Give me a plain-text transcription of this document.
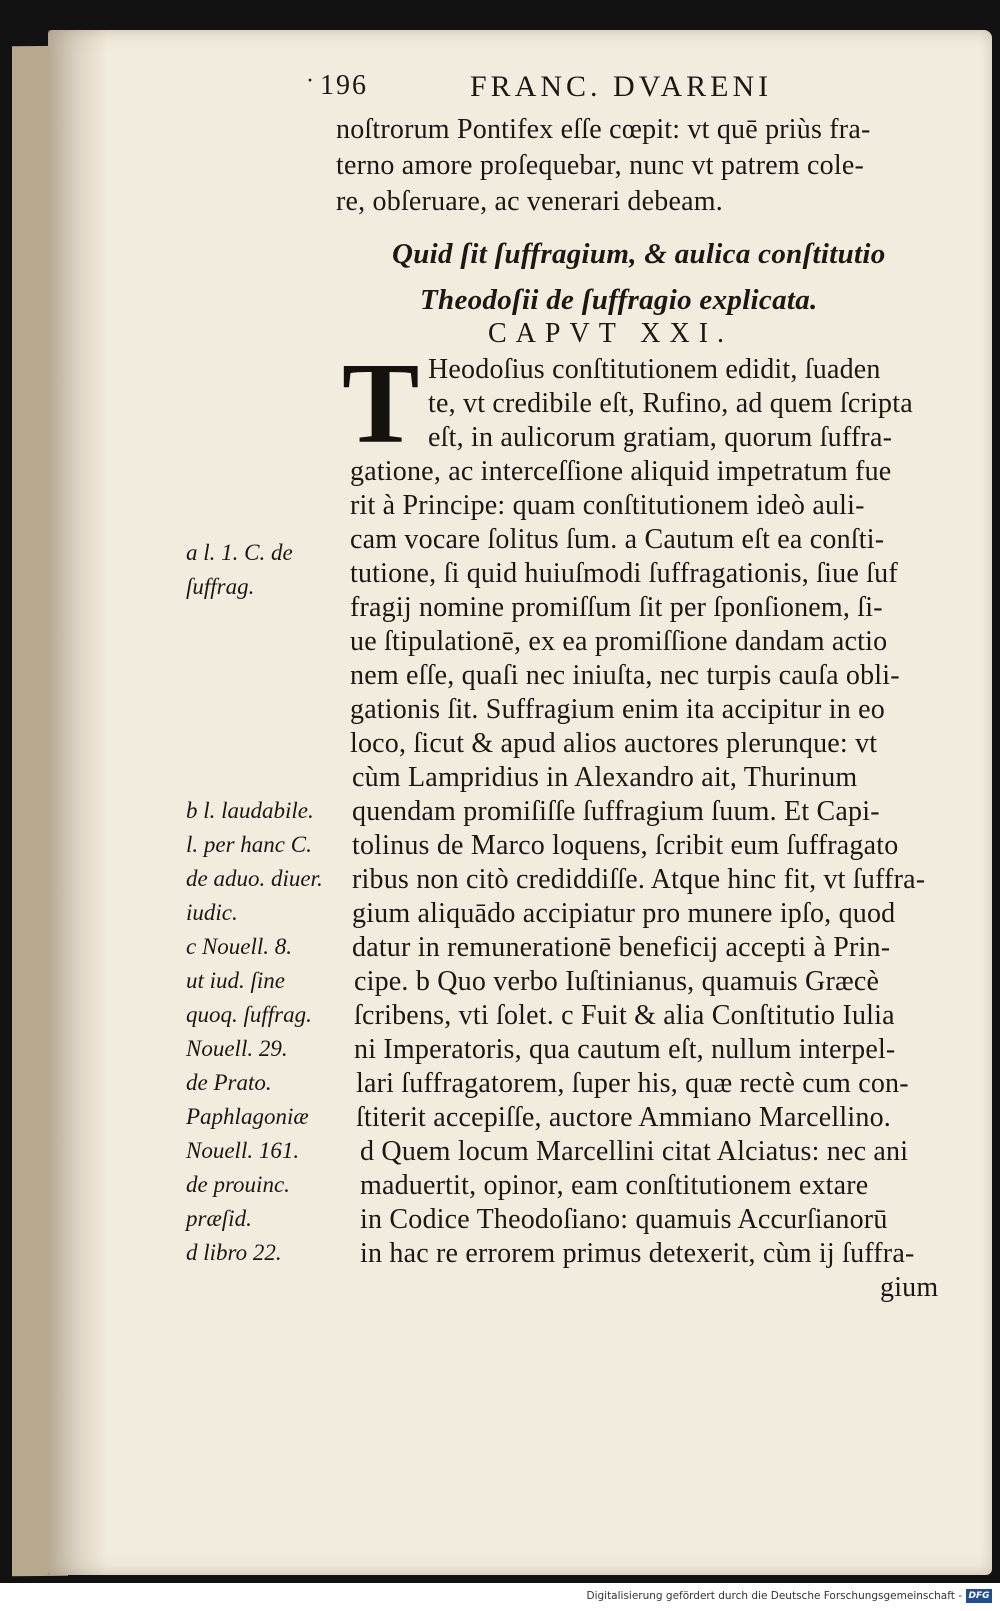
· 196	FRANC. DVARENI
noſtrorum Pontifex eſſe cœpit: vt quē priùs fra-
terno amore proſequebar, nunc vt patrem cole-
re, obſeruare, ac venerari debeam.
Quid ſit ſuffragium, & aulica conſtitutio
Theodoſii de ſuffragio explicata.
CAPVT XXI.
T Heodoſius conſtitutionem edidit, ſuaden
te, vt credibile eſt, Rufino, ad quem ſcripta
eſt, in aulicorum gratiam, quorum ſuffra-
gatione, ac interceſſione aliquid impetratum fue
rit à Principe: quam conſtitutionem ideò auli-
cam vocare ſolitus ſum. a Cautum eſt ea conſti-
tutione, ſi quid huiuſmodi ſuffragationis, ſiue ſuf
fragij nomine promiſſum ſit per ſponſionem, ſi-
ue ſtipulationē, ex ea promiſſione dandam actio
nem eſſe, quaſi nec iniuſta, nec turpis cauſa obli-
gationis ſit. Suffragium enim ita accipitur in eo
loco, ſicut & apud alios auctores plerunque: vt
cùm Lampridius in Alexandro ait, Thurinum
quendam promiſiſſe ſuffragium ſuum. Et Capi-
tolinus de Marco loquens, ſcribit eum ſuffragato
ribus non citò crediddiſſe. Atque hinc fit, vt ſuffra-
gium aliquādo accipiatur pro munere ipſo, quod
datur in remunerationē beneficij accepti à Prin-
cipe. b Quo verbo Iuſtinianus, quamuis Græcè
ſcribens, vti ſolet. c Fuit & alia Conſtitutio Iulia
ni Imperatoris, qua cautum eſt, nullum interpel-
lari ſuffragatorem, ſuper his, quæ rectè cum con-
ſtiterit accepiſſe, auctore Ammiano Marcellino.
d Quem locum Marcellini citat Alciatus: nec ani
maduertit, opinor, eam conſtitutionem extare
in Codice Theodoſiano: quamuis Accurſianorū
in hac re errorem primus detexerit, cùm ij ſuffra-
gium
a l. 1. C. de
ſuffrag.
b l. laudabile.
l. per hanc C.
de aduo. diuer.
iudic.
c Nouell. 8.
ut iud. ſine
quoq. ſuffrag.
Nouell. 29.
de Prato.
Paphlagoniæ
Nouell. 161.
de prouinc.
præſid.
d libro 22.
Digitalisierung gefördert durch die Deutsche Forschungsgemeinschaft - DFG
